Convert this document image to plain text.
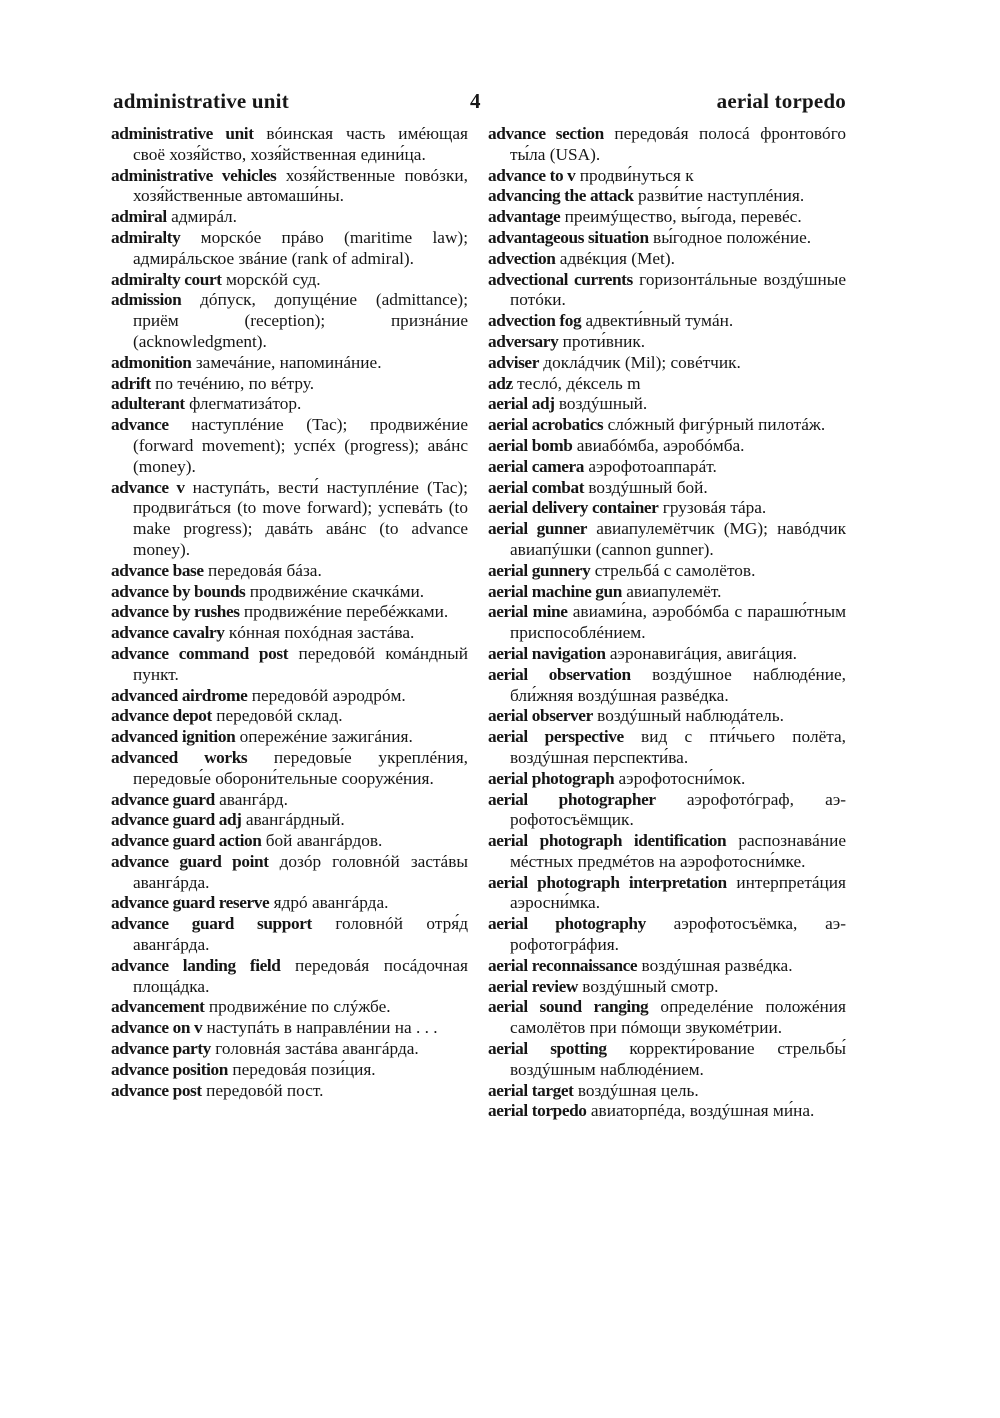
administrative unit	4	aerial torpedo

administrative unit вóинская часть имéющая своё хозя́йство, хозя́йственная едини́ца.

administrative vehicles хозя́йственные повóзки, хозя́йственные автомаши́ны.

admiral адмирáл.

admiralty морскóе прáво (maritime law); адмирáльское звáние (rank of admiral).

admiralty court морскóй суд.

admission дóпуск, допущéние (admittance); приём (reception); признáние (acknowledgment).

admonition замечáние, напоминáние.

adrift по течéнию, по вéтру.

adulterant флегматизáтор.

advance наступлéние (Tac); продвижéние (forward movement); успéх (progress); авáнс (money).

advance v наступáть, вести́ наступлéние (Tac); продвигáться (to move forward); успевáть (to make progress); давáть авáнс (to advance money).

advance base передовáя бáза.

advance by bounds продвижéние скачкáми.

advance by rushes продвижéние перебéжками.

advance cavalry кóнная похóдная застáва.

advance command post передовóй комáндный пункт.

advanced airdrome передовóй аэродрóм.

advance depot передовóй склад.

advanced ignition опережéние зажигáния.

advanced works передовы́е укреплéния, передовы́е оборони́тельные сооружéния.

advance guard авангáрд.

advance guard adj авангáрдный.

advance guard action бой авангáрдов.

advance guard point дозóр головнóй застáвы авангáрда.

advance guard reserve ядрó авангáрда.

advance guard support головнóй отря́д авангáрда.

advance landing field передовáя посáдочная площáдка.

advancement продвижéние по слýжбе.

advance on v наступáть в направлéнии на . . .

advance party головнáя застáва авангáрда.

advance position передовáя пози́ция.

advance post передовóй пост.

advance section передовáя полосá фронтовóго ты́ла (USA).

advance to v продви́нуться к

advancing the attack разви́тие наступлéния.

advantage преимýщество, вы́года, перевéс.

advantageous situation вы́годное положéние.

advection адвéкция (Met).

advectional currents горизонтáльные воздýшные потóки.

advection fog адвекти́вный тумáн.

adversary проти́вник.

adviser доклáдчик (Mil); совéтчик.

adz теслó, дéксель m

aerial adj воздýшный.

aerial acrobatics слóжный фигýрный пилотáж.

aerial bomb авиабóмба, аэробóмба.

aerial camera аэрофотоаппарáт.

aerial combat воздýшный бой.

aerial delivery container грузовáя тáра.

aerial gunner авиапулемётчик (MG); навóдчик авиапýшки (cannon gunner).

aerial gunnery стрельбá с самолётов.

aerial machine gun авиапулемёт.

aerial mine авиами́на, аэробóмба с парашю́тным приспособлéнием.

aerial navigation аэронавигáция, авигáция.

aerial observation воздýшное наблюдéние, бли́жняя воздýшная развéдка.

aerial observer воздýшный наблюдáтель.

aerial perspective вид с пти́чьего полёта, воздýшная перспекти́ва.

aerial photograph аэрофотосни́мок.

aerial photographer аэрофотóграф, аэрофотосъёмщик.

aerial photograph identification распознавáние мéстных предмéтов на аэрофотосни́мке.

aerial photograph interpretation интерпретáция аэросни́мка.

aerial photography аэрофотосъёмка, аэрофотогрáфия.

aerial reconnaissance воздýшная развéдка.

aerial review воздýшный смотр.

aerial sound ranging определéние положéния самолётов при пóмощи звукомéтрии.

aerial spotting корректи́рование стрельбы́ воздýшным наблюдéнием.

aerial target воздýшная цель.

aerial torpedo авиаторпéда, воздýшная ми́на.
